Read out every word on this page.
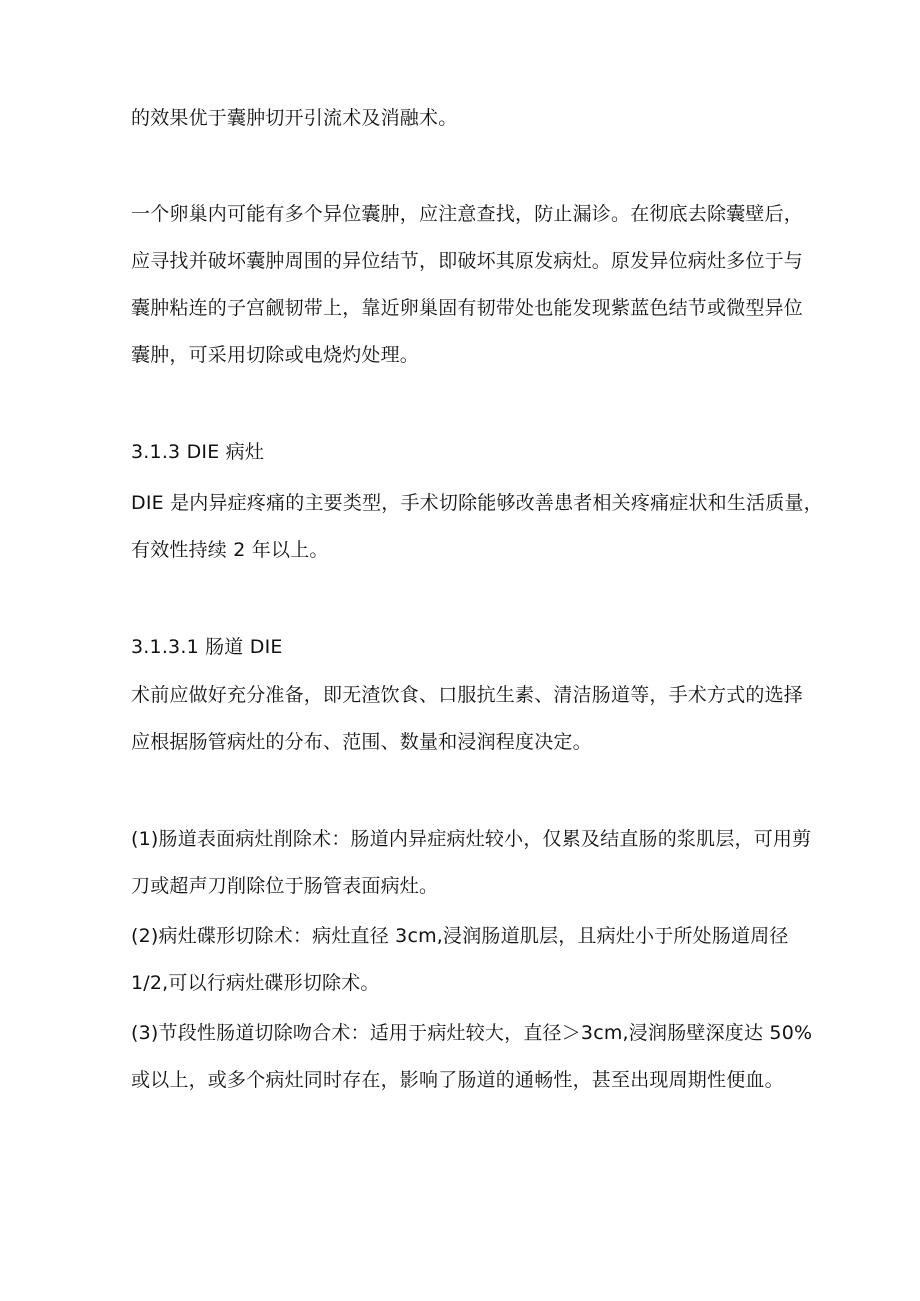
的效果优于囊肿切开引流术及消融术。
一个卵巢内可能有多个异位囊肿，应注意查找，防止漏诊。在彻底去除囊壁后，
应寻找并破坏囊肿周围的异位结节，即破坏其原发病灶。原发异位病灶多位于与
囊肿粘连的子宫觎韧带上，靠近卵巢固有韧带处也能发现紫蓝色结节或微型异位
囊肿，可采用切除或电烧灼处理。
3.1.3 DIE 病灶
DIE 是内异症疼痛的主要类型，手术切除能够改善患者相关疼痛症状和生活质量，
有效性持续 2 年以上。
3.1.3.1 肠道 DIE
术前应做好充分准备，即无渣饮食、口服抗生素、清洁肠道等，手术方式的选择
应根据肠管病灶的分布、范围、数量和浸润程度决定。
(1)肠道表面病灶削除术：肠道内异症病灶较小，仅累及结直肠的浆肌层，可用剪
刀或超声刀削除位于肠管表面病灶。
(2)病灶碟形切除术：病灶直径 3cm,浸润肠道肌层，且病灶小于所处肠道周径
1/2,可以行病灶碟形切除术。
(3)节段性肠道切除吻合术：适用于病灶较大，直径＞3cm,浸润肠壁深度达 50%
或以上，或多个病灶同时存在，影响了肠道的通畅性，甚至出现周期性便血。
